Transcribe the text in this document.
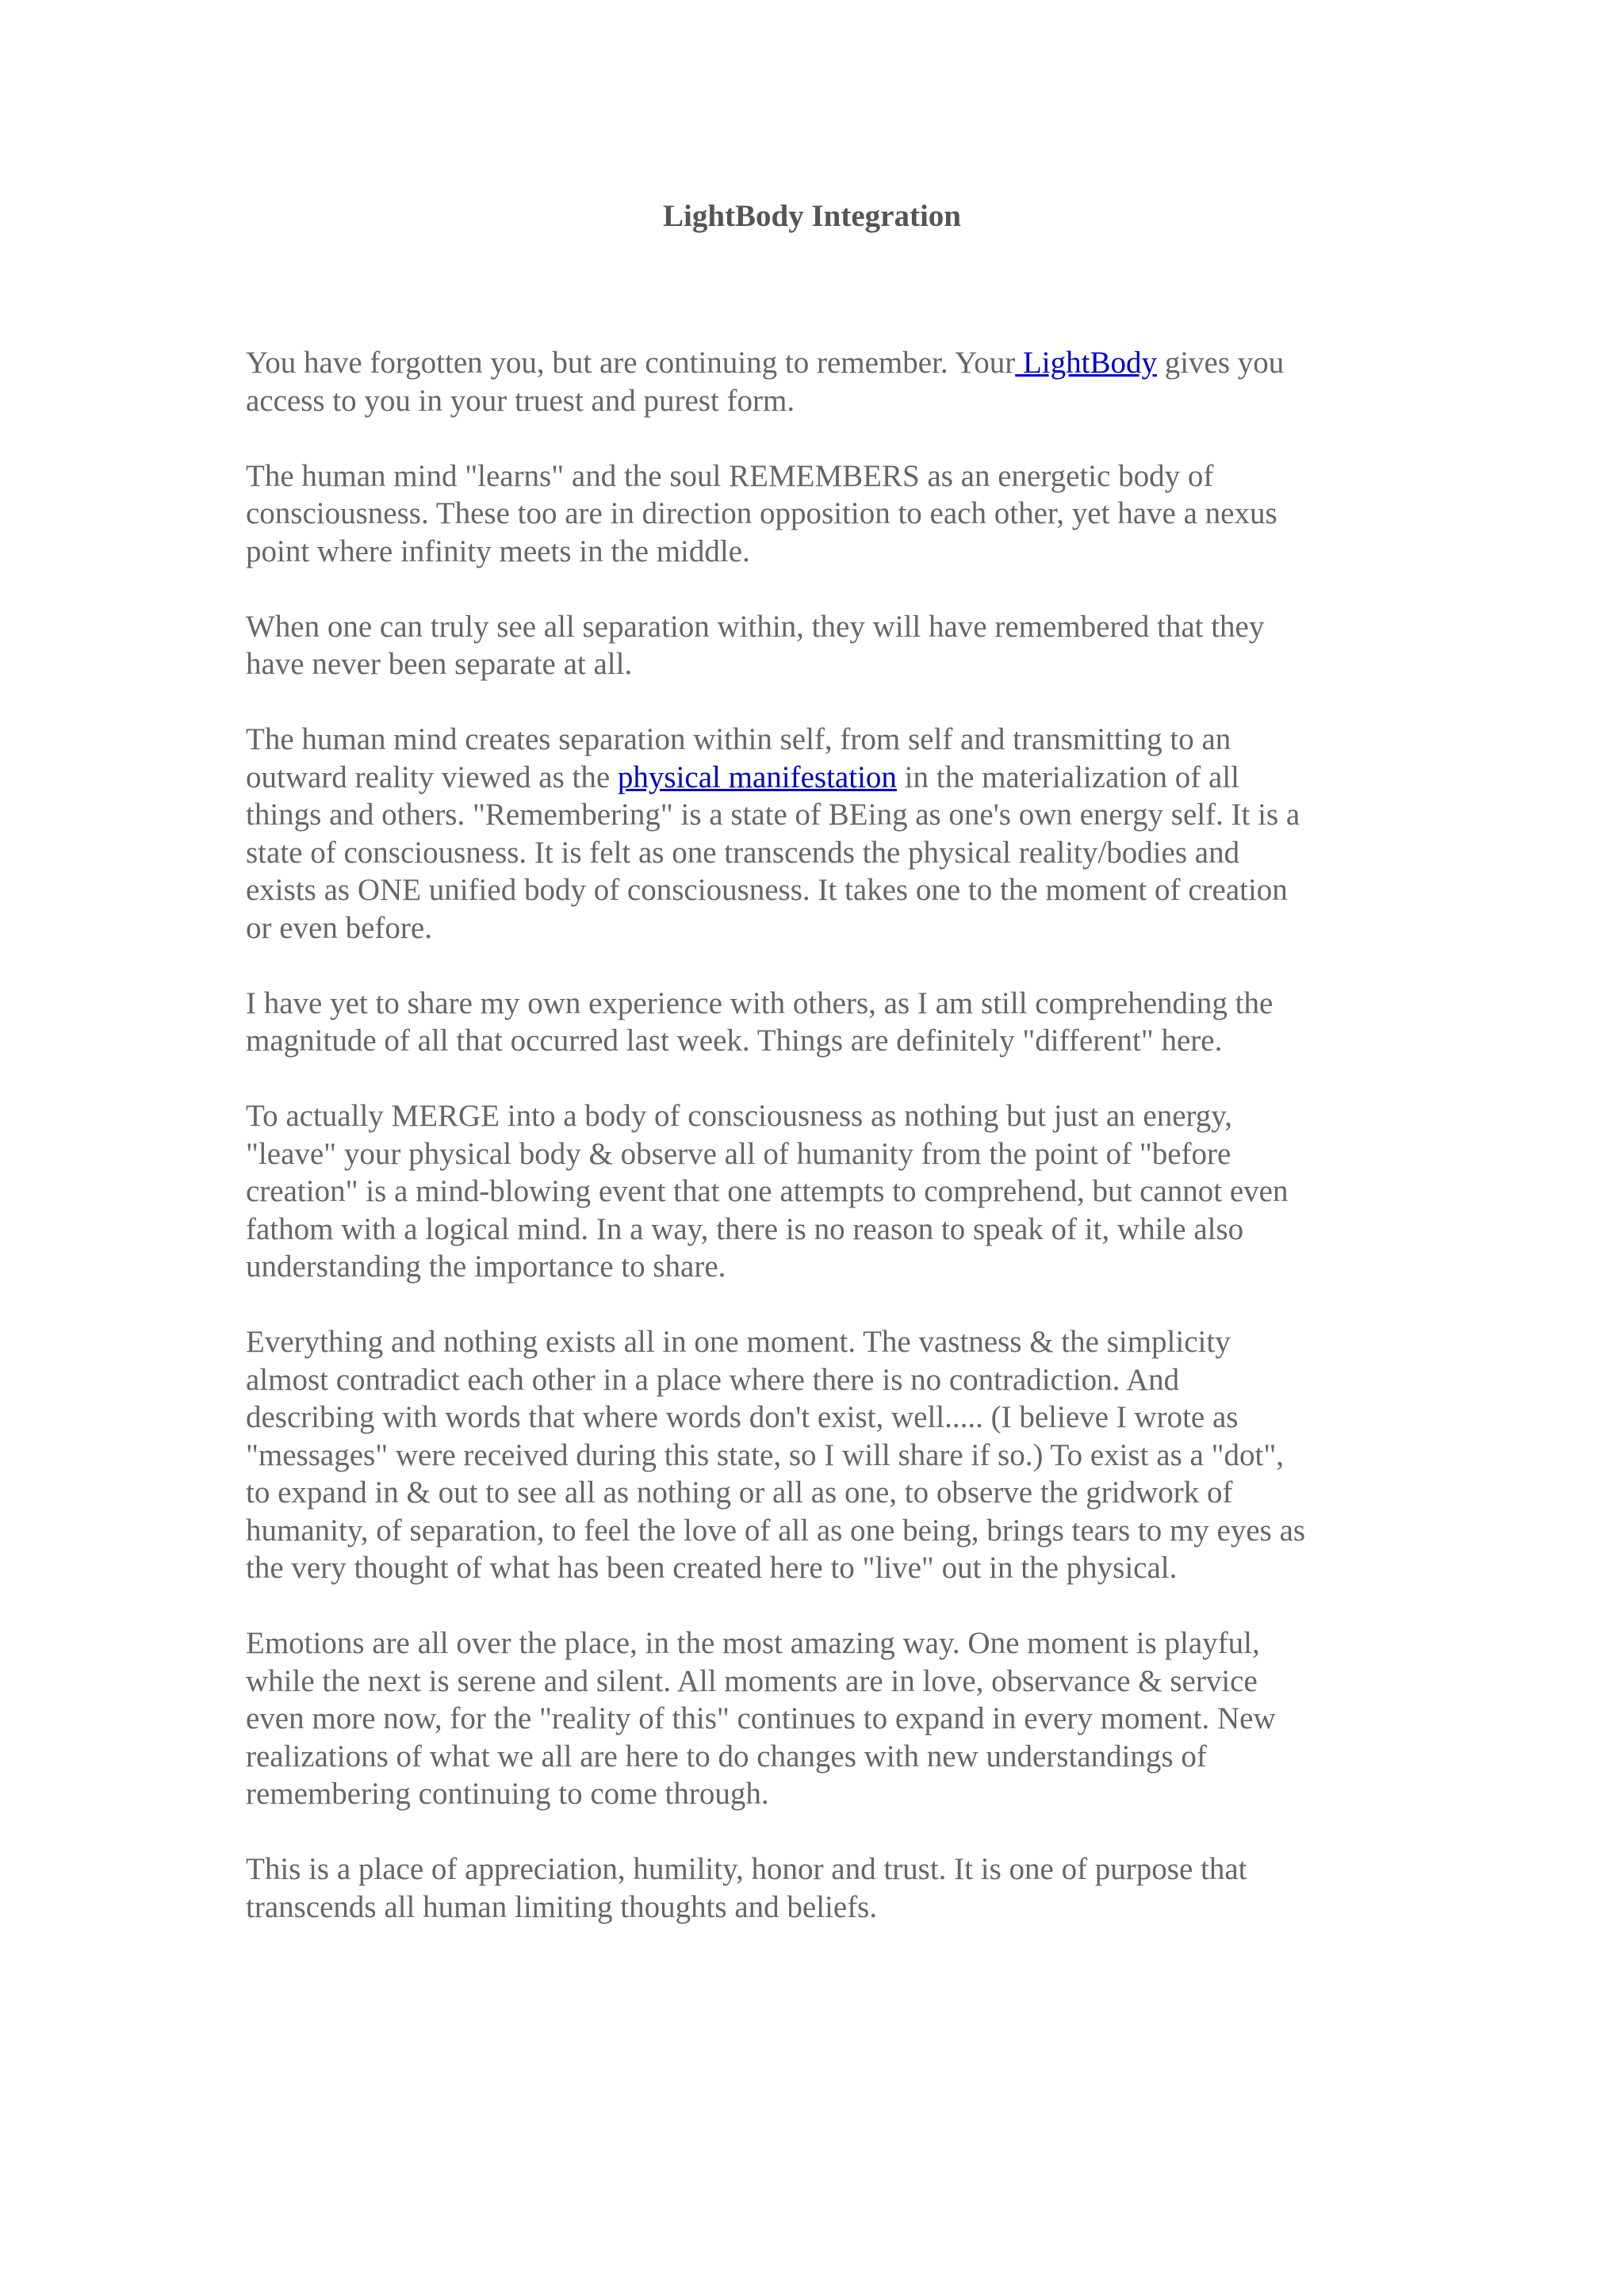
LightBody Integration

You have forgotten you, but are continuing to remember. Your LightBody gives you
access to you in your truest and purest form.

The human mind "learns" and the soul REMEMBERS as an energetic body of
consciousness. These too are in direction opposition to each other, yet have a nexus
point where infinity meets in the middle.

When one can truly see all separation within, they will have remembered that they
have never been separate at all.

The human mind creates separation within self, from self and transmitting to an
outward reality viewed as the physical manifestation in the materialization of all
things and others. "Remembering" is a state of BEing as one's own energy self. It is a
state of consciousness. It is felt as one transcends the physical reality/bodies and
exists as ONE unified body of consciousness. It takes one to the moment of creation
or even before.

I have yet to share my own experience with others, as I am still comprehending the
magnitude of all that occurred last week. Things are definitely "different" here.

To actually MERGE into a body of consciousness as nothing but just an energy,
"leave" your physical body & observe all of humanity from the point of "before
creation" is a mind-blowing event that one attempts to comprehend, but cannot even
fathom with a logical mind. In a way, there is no reason to speak of it, while also
understanding the importance to share.

Everything and nothing exists all in one moment. The vastness & the simplicity
almost contradict each other in a place where there is no contradiction. And
describing with words that where words don't exist, well..... (I believe I wrote as
"messages" were received during this state, so I will share if so.) To exist as a "dot",
to expand in & out to see all as nothing or all as one, to observe the gridwork of
humanity, of separation, to feel the love of all as one being, brings tears to my eyes as
the very thought of what has been created here to "live" out in the physical.

Emotions are all over the place, in the most amazing way. One moment is playful,
while the next is serene and silent. All moments are in love, observance & service
even more now, for the "reality of this" continues to expand in every moment. New
realizations of what we all are here to do changes with new understandings of
remembering continuing to come through.

This is a place of appreciation, humility, honor and trust. It is one of purpose that
transcends all human limiting thoughts and beliefs.
